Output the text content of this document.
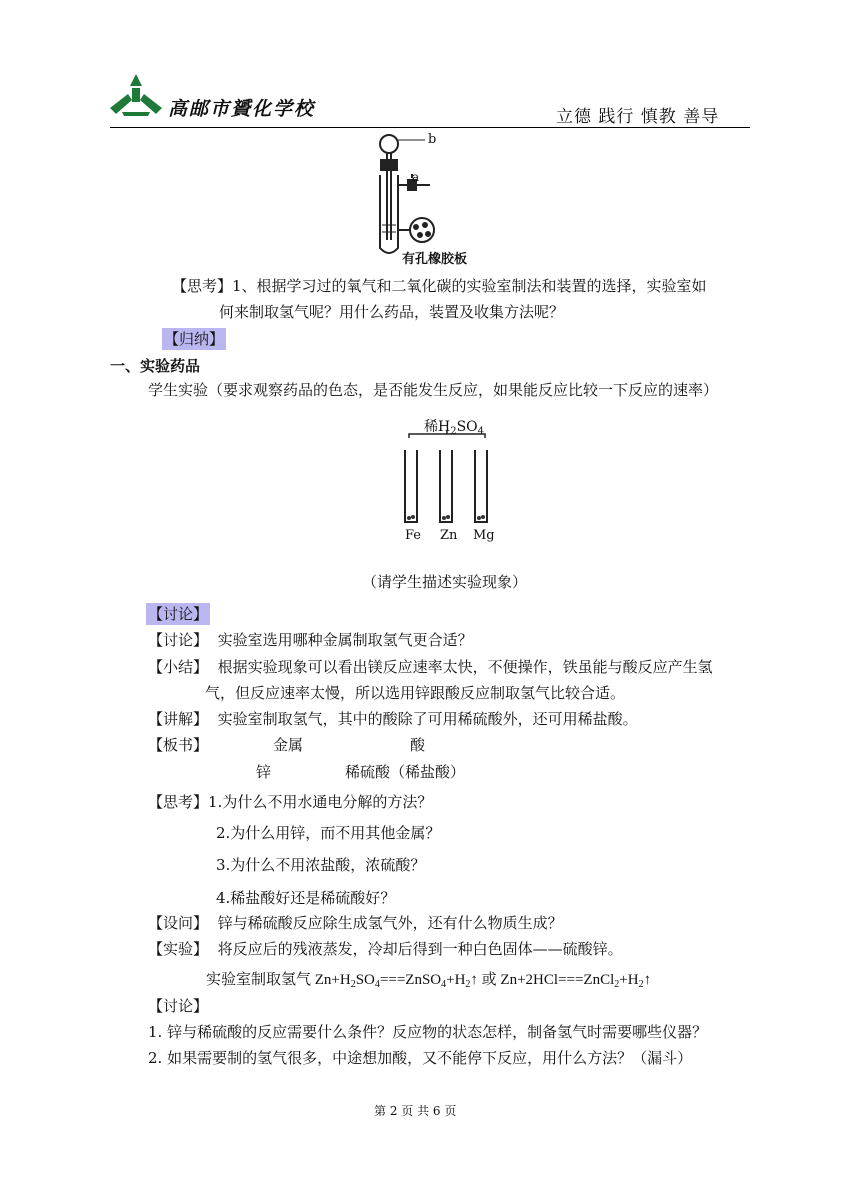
高邮市贇化学校	立德 践行 慎教 善导
b
a
有孔橡胶板
【思考】1、根据学习过的氧气和二氧化碳的实验室制法和装置的选择，实验室如
何来制取氢气呢？用什么药品，装置及收集方法呢？
【归纳】
一、实验药品
学生实验（要求观察药品的色态，是否能发生反应，如果能反应比较一下反应的速率）
稀$H_2SO_4$
Fe Zn Mg
（请学生描述实验现象）
【讨论】
【讨论】 实验室选用哪种金属制取氢气更合适？
【小结】 根据实验现象可以看出镁反应速率太快，不便操作，铁虽能与酸反应产生氢
气，但反应速率太慢，所以选用锌跟酸反应制取氢气比较合适。
【讲解】 实验室制取氢气，其中的酸除了可用稀硫酸外，还可用稀盐酸。
【板书】	金属	酸
锌	稀硫酸（稀盐酸）
【思考】1.为什么不用水通电分解的方法？
2.为什么用锌，而不用其他金属？
3.为什么不用浓盐酸，浓硫酸？
4.稀盐酸好还是稀硫酸好？
【设问】 锌与稀硫酸反应除生成氢气外，还有什么物质生成？
【实验】 将反应后的残液蒸发，冷却后得到一种白色固体——硫酸锌。
实验室制取氢气 $Zn+H_2SO_4===ZnSO_4+H_2↑$ 或 $Zn+2HCl===ZnCl_2+H_2↑$
【讨论】
1. 锌与稀硫酸的反应需要什么条件？反应物的状态怎样，制备氢气时需要哪些仪器？
2. 如果需要制的氢气很多，中途想加酸，又不能停下反应，用什么方法？（漏斗）
第 2 页 共 6 页
